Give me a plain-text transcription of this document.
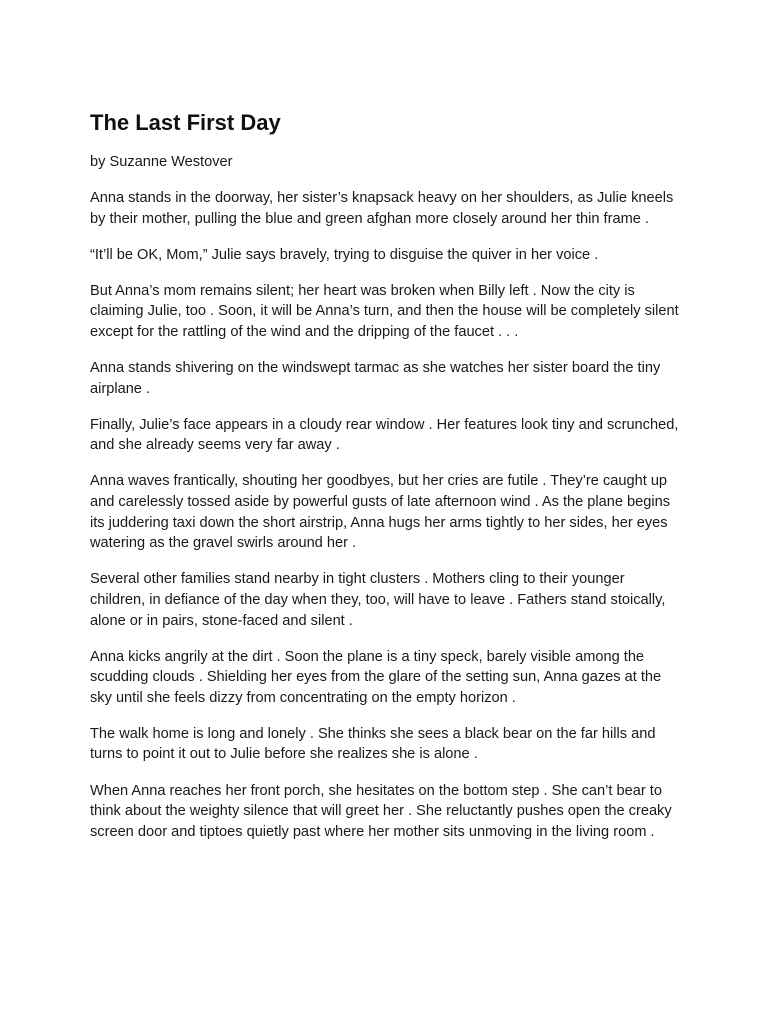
The Last First Day

by Suzanne Westover

Anna stands in the doorway, her sister’s knapsack heavy on her shoulders, as Julie kneels by their mother, pulling the blue and green afghan more closely around her thin frame .

“It’ll be OK, Mom,” Julie says bravely, trying to disguise the quiver in her voice .

But Anna’s mom remains silent; her heart was broken when Billy left . Now the city is claiming Julie, too . Soon, it will be Anna’s turn, and then the house will be completely silent except for the rattling of the wind and the dripping of the faucet . . .

Anna stands shivering on the windswept tarmac as she watches her sister board the tiny airplane .

Finally, Julie’s face appears in a cloudy rear window . Her features look tiny and scrunched, and she already seems very far away .

Anna waves frantically, shouting her goodbyes, but her cries are futile . They’re caught up and carelessly tossed aside by powerful gusts of late afternoon wind . As the plane begins its juddering taxi down the short airstrip, Anna hugs her arms tightly to her sides, her eyes watering as the gravel swirls around her .

Several other families stand nearby in tight clusters . Mothers cling to their younger children, in defiance of the day when they, too, will have to leave . Fathers stand stoically, alone or in pairs, stone-faced and silent .

Anna kicks angrily at the dirt . Soon the plane is a tiny speck, barely visible among the scudding clouds . Shielding her eyes from the glare of the setting sun, Anna gazes at the sky until she feels dizzy from concentrating on the empty horizon .

The walk home is long and lonely . She thinks she sees a black bear on the far hills and turns to point it out to Julie before she realizes she is alone .

When Anna reaches her front porch, she hesitates on the bottom step . She can’t bear to think about the weighty silence that will greet her . She reluctantly pushes open the creaky screen door and tiptoes quietly past where her mother sits unmoving in the living room .
